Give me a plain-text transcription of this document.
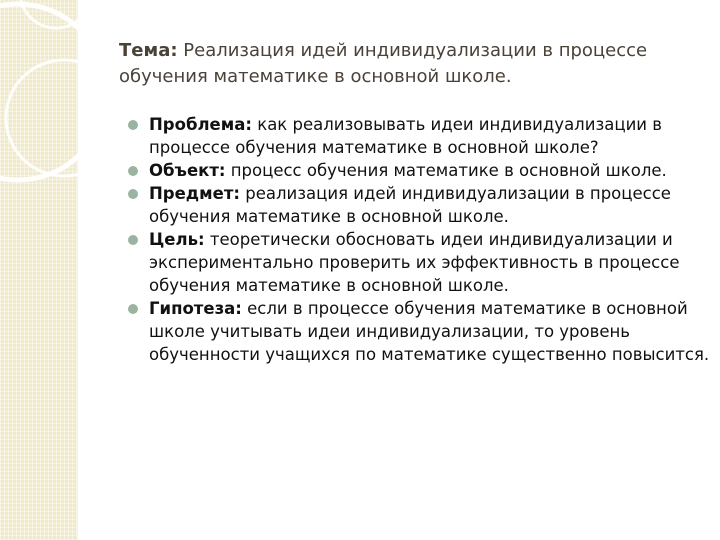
Тема: Реализация идей индивидуализации в процессе обучения математике в основной школе.
Проблема: как реализовывать идеи индивидуализации в процессе обучения математике в основной школе?
Объект: процесс обучения математике в основной школе.
Предмет: реализация идей индивидуализации в процессе обучения математике в основной школе.
Цель: теоретически обосновать идеи индивидуализации и экспериментально проверить их эффективность в процессе обучения математике в основной школе.
Гипотеза: если в процессе обучения математике в основной школе учитывать идеи индивидуализации, то уровень обученности учащихся по математике существенно повысится.
